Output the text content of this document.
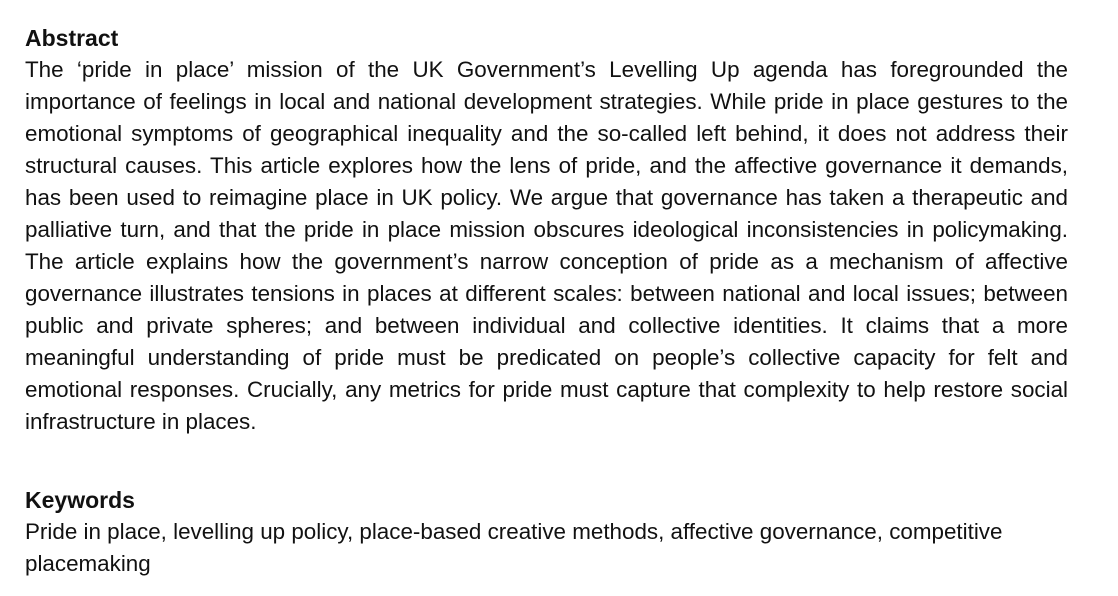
Abstract

The ‘pride in place’ mission of the UK Government’s Levelling Up agenda has foregrounded the importance of feelings in local and national development strategies. While pride in place gestures to the emotional symptoms of geographical inequality and the so-called left behind, it does not address their structural causes. This article explores how the lens of pride, and the affective governance it demands, has been used to reimagine place in UK policy. We argue that governance has taken a therapeutic and palliative turn, and that the pride in place mission obscures ideological inconsistencies in policymaking. The article explains how the government’s narrow conception of pride as a mechanism of affective governance illustrates tensions in places at different scales: between national and local issues; between public and private spheres; and between individual and collective identities. It claims that a more meaningful understanding of pride must be predicated on people’s collective capacity for felt and emotional responses. Crucially, any metrics for pride must capture that complexity to help restore social infrastructure in places.

Keywords

Pride in place, levelling up policy, place-based creative methods, affective governance, competitive placemaking
